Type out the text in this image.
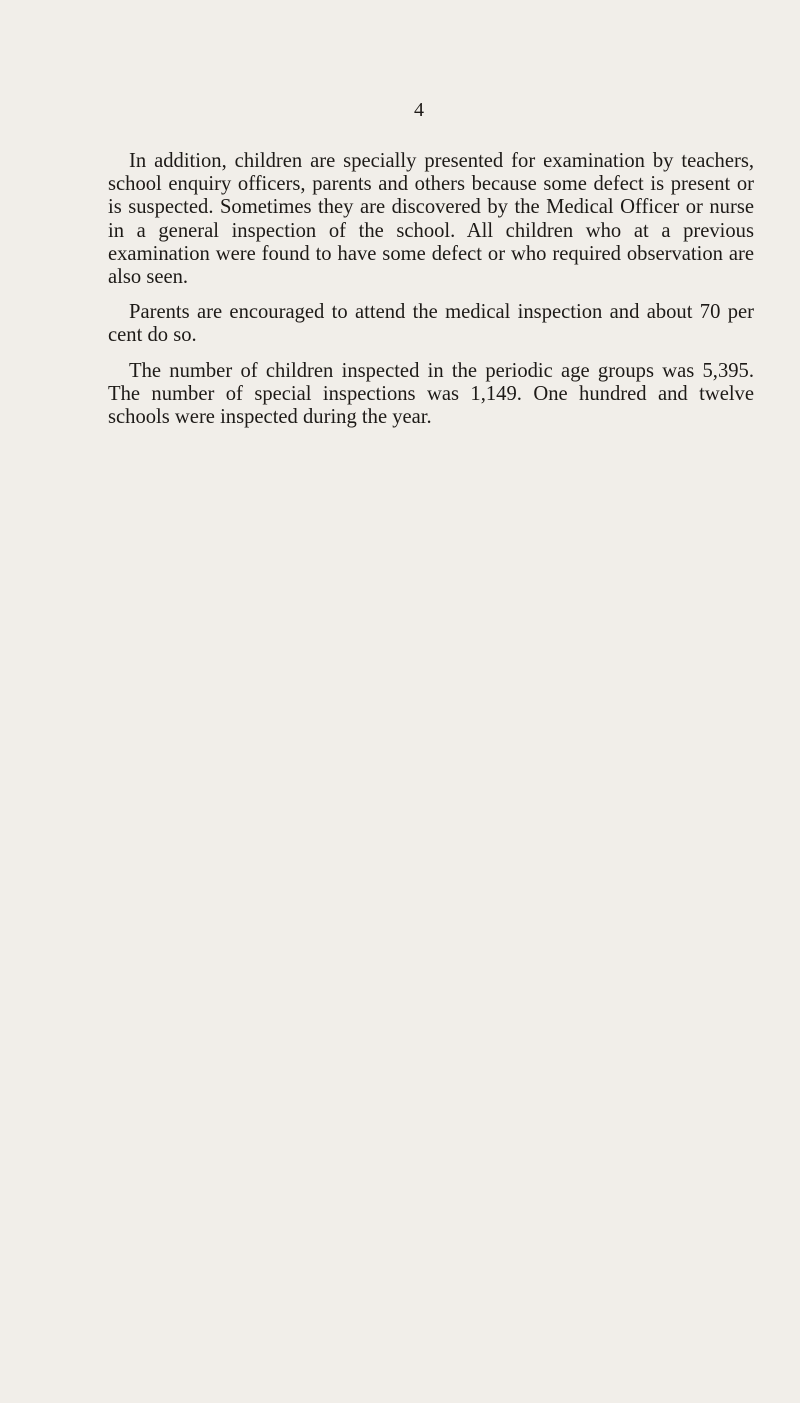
4

In addition, children are specially presented for examination by teachers, school enquiry officers, parents and others because some defect is present or is suspected. Sometimes they are discovered by the Medical Officer or nurse in a general inspection of the school. All children who at a previous examination were found to have some defect or who required observation are also seen.

Parents are encouraged to attend the medical inspection and about 70 per cent do so.

The number of children inspected in the periodic age groups was 5,395. The number of special inspections was 1,149. One hundred and twelve schools were inspected during the year.
